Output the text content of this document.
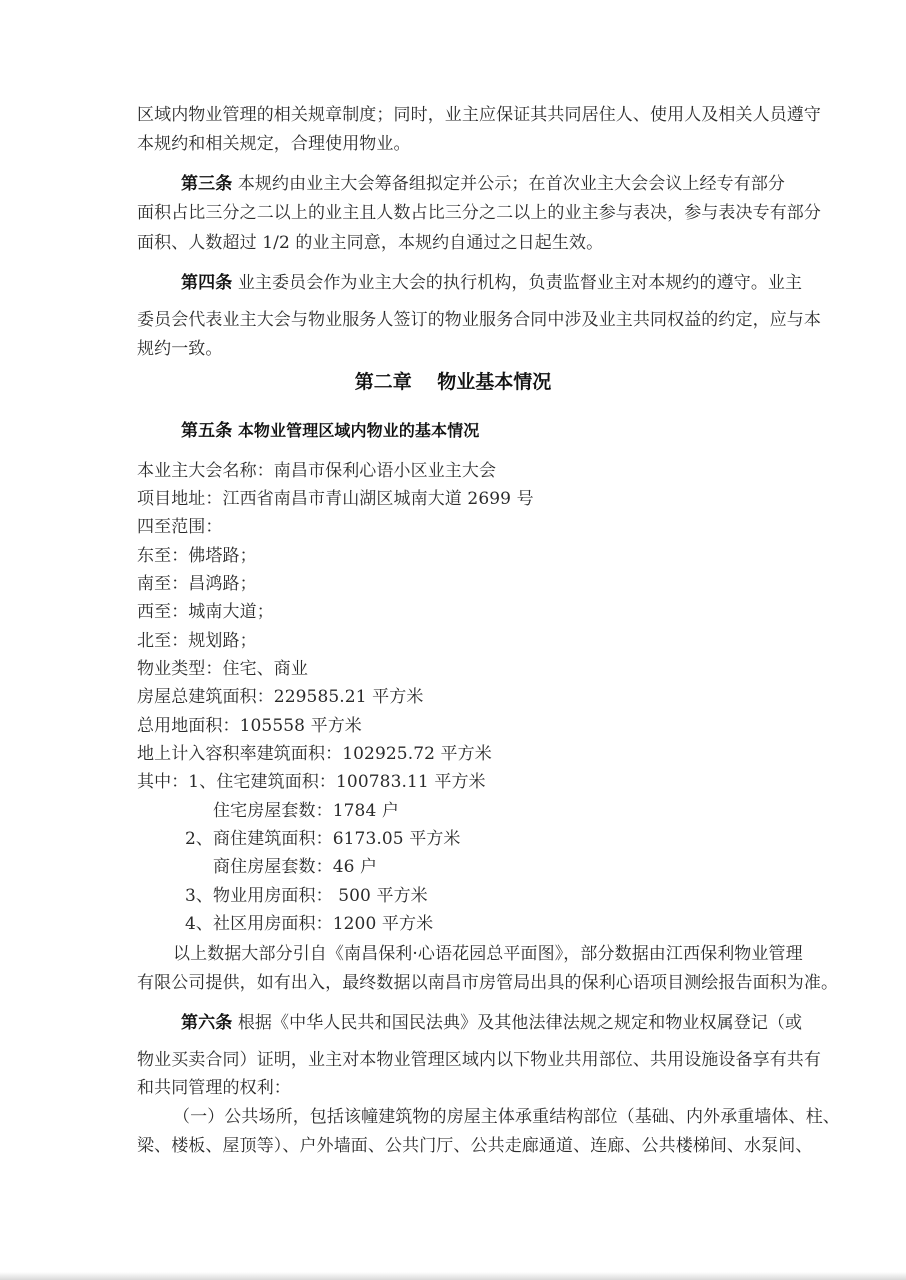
区域内物业管理的相关规章制度；同时，业主应保证其共同居住人、使用人及相关人员遵守
本规约和相关规定，合理使用物业。
第三条 本规约由业主大会筹备组拟定并公示；在首次业主大会会议上经专有部分
面积占比三分之二以上的业主且人数占比三分之二以上的业主参与表决，参与表决专有部分
面积、人数超过 1/2 的业主同意，本规约自通过之日起生效。
第四条 业主委员会作为业主大会的执行机构，负责监督业主对本规约的遵守。业主
委员会代表业主大会与物业服务人签订的物业服务合同中涉及业主共同权益的约定，应与本
规约一致。
第二章　 物业基本情况
第五条 本物业管理区域内物业的基本情况
本业主大会名称：南昌市保利心语小区业主大会
项目地址：江西省南昌市青山湖区城南大道 2699 号
四至范围：
东至：佛塔路；
南至：昌鸿路；
西至：城南大道；
北至：规划路；
物业类型：住宅、商业
房屋总建筑面积：229585.21 平方米
总用地面积：105558 平方米
地上计入容积率建筑面积：102925.72 平方米
其中：1、住宅建筑面积：100783.11 平方米
住宅房屋套数：1784 户
2、商住建筑面积：6173.05 平方米
商住房屋套数：46 户
3、物业用房面积： 500 平方米
4、社区用房面积：1200 平方米
以上数据大部分引自《南昌保利·心语花园总平面图》，部分数据由江西保利物业管理
有限公司提供，如有出入，最终数据以南昌市房管局出具的保利心语项目测绘报告面积为准。
第六条 根据《中华人民共和国民法典》及其他法律法规之规定和物业权属登记（或
物业买卖合同）证明，业主对本物业管理区域内以下物业共用部位、共用设施设备享有共有
和共同管理的权利：
（一）公共场所，包括该幢建筑物的房屋主体承重结构部位（基础、内外承重墙体、柱、
梁、楼板、屋顶等）、户外墙面、公共门厅、公共走廊通道、连廊、公共楼梯间、水泵间、
